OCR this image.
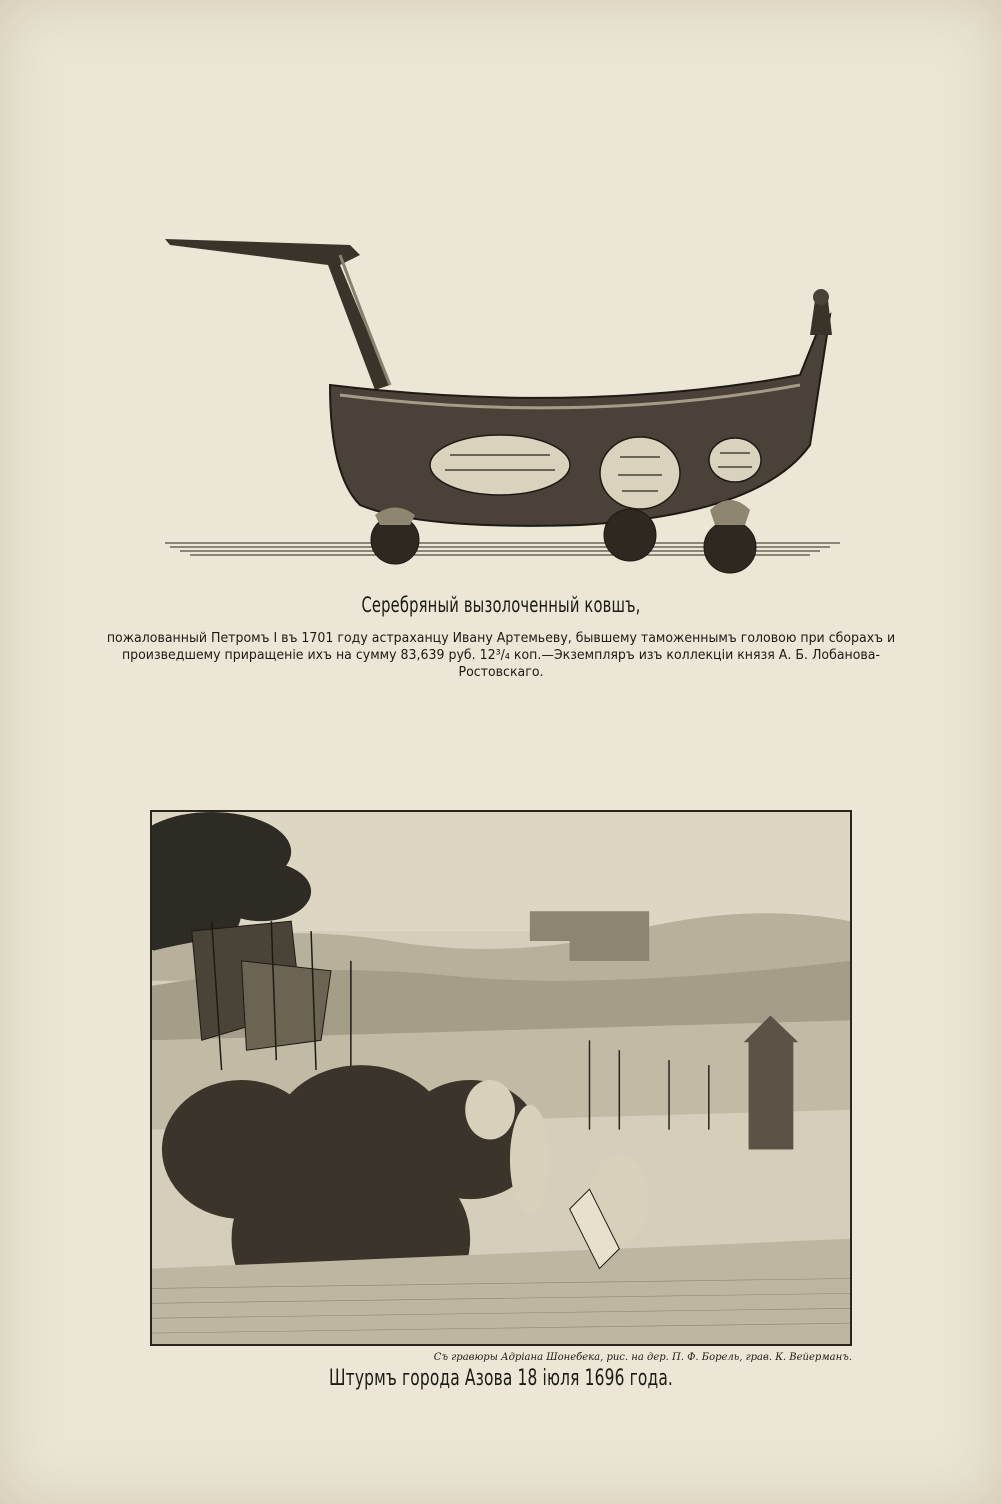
Серебряный вызолоченный ковшъ,
пожалованный Петромъ I въ 1701 году астраханцу Ивану Артемьеву, бывшему таможеннымъ головою при сборахъ и произведшему приращеніе ихъ на сумму 83,639 руб. 12³/₄ коп.—Экземпляръ изъ коллекціи князя А. Б. Лобанова-Ростовскаго.
Съ гравюры Адріана Шонебека, рис. на дер. П. Ф. Борель, грав. К. Вейерманъ.
Штурмъ города Азова 18 іюля 1696 года.
